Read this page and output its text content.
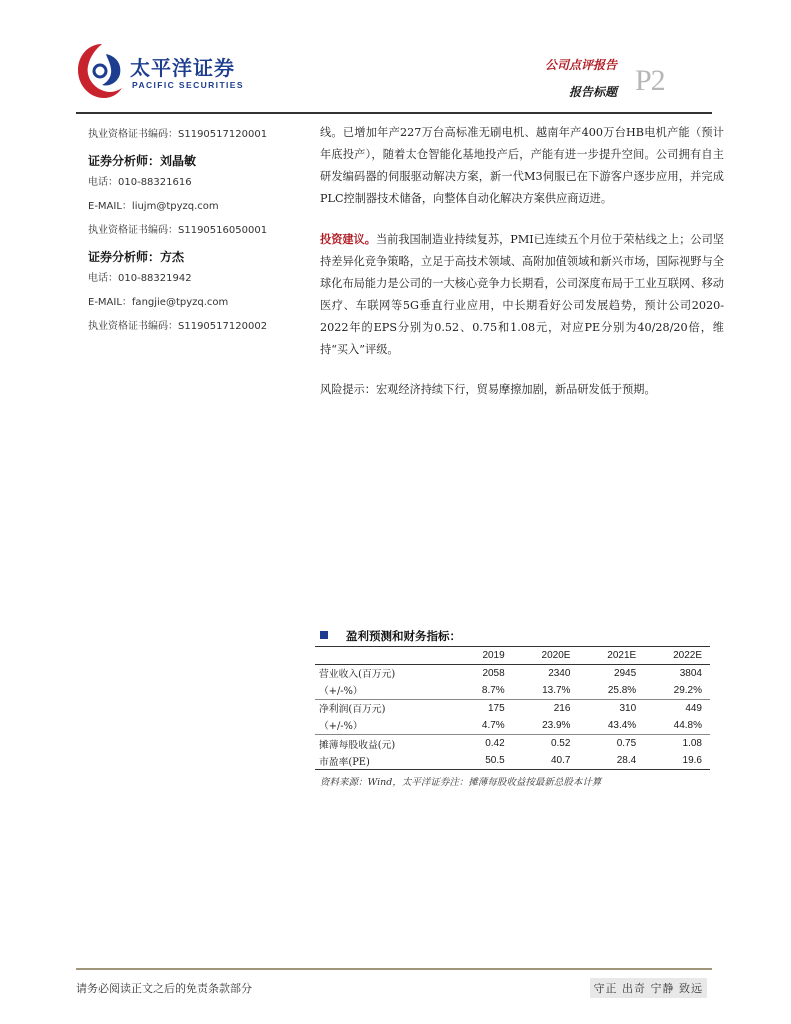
太平洋证券
PACIFIC SECURITIES
公司点评报告
报告标题 P2
执业资格证书编码：S1190517120001
证券分析师：刘晶敏
电话：010-88321616
E-MAIL：liujm@tpyzq.com
执业资格证书编码：S1190516050001
证券分析师：方杰
电话：010-88321942
E-MAIL：fangjie@tpyzq.com
执业资格证书编码：S1190517120002

线。已增加年产227万台高标准无刷电机、越南年产400万台HB电机产能（预计年底投产），随着太仓智能化基地投产后，产能有进一步提升空间。公司拥有自主研发编码器的伺服驱动解决方案，新一代M3伺服已在下游客户逐步应用，并完成PLC控制器技术储备，向整体自动化解决方案供应商迈进。

投资建议。当前我国制造业持续复苏，PMI已连续五个月位于荣枯线之上；公司坚持差异化竞争策略，立足于高技术领域、高附加值领域和新兴市场，国际视野与全球化布局能力是公司的一大核心竞争力长期看，公司深度布局于工业互联网、移动医疗、车联网等5G垂直行业应用，中长期看好公司发展趋势，预计公司2020-2022年的EPS分别为0.52、0.75和1.08元，对应PE分别为40/28/20倍，维持“买入”评级。

风险提示：宏观经济持续下行，贸易摩擦加剧，新品研发低于预期。

盈利预测和财务指标：
	2019	2020E	2021E	2022E
营业收入(百万元)	2058	2340	2945	3804
（+/-%）	8.7%	13.7%	25.8%	29.2%
净利润(百万元)	175	216	310	449
（+/-%）	4.7%	23.9%	43.4%	44.8%
摊薄每股收益(元)	0.42	0.52	0.75	1.08
市盈率(PE)	50.5	40.7	28.4	19.6
资料来源：Wind，太平洋证券注：摊薄每股收益按最新总股本计算
请务必阅读正文之后的免责条款部分	守正 出奇 宁静 致远
